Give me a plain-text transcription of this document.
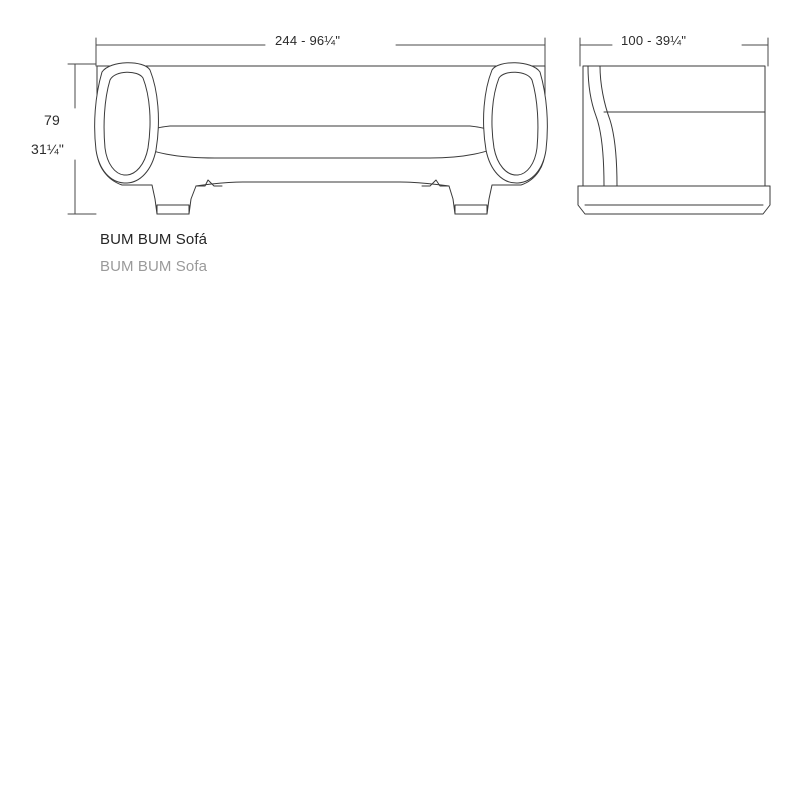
244 - 96¼"	100 - 39¼"
79
31¼"
BUM BUM Sofá
BUM BUM Sofa
